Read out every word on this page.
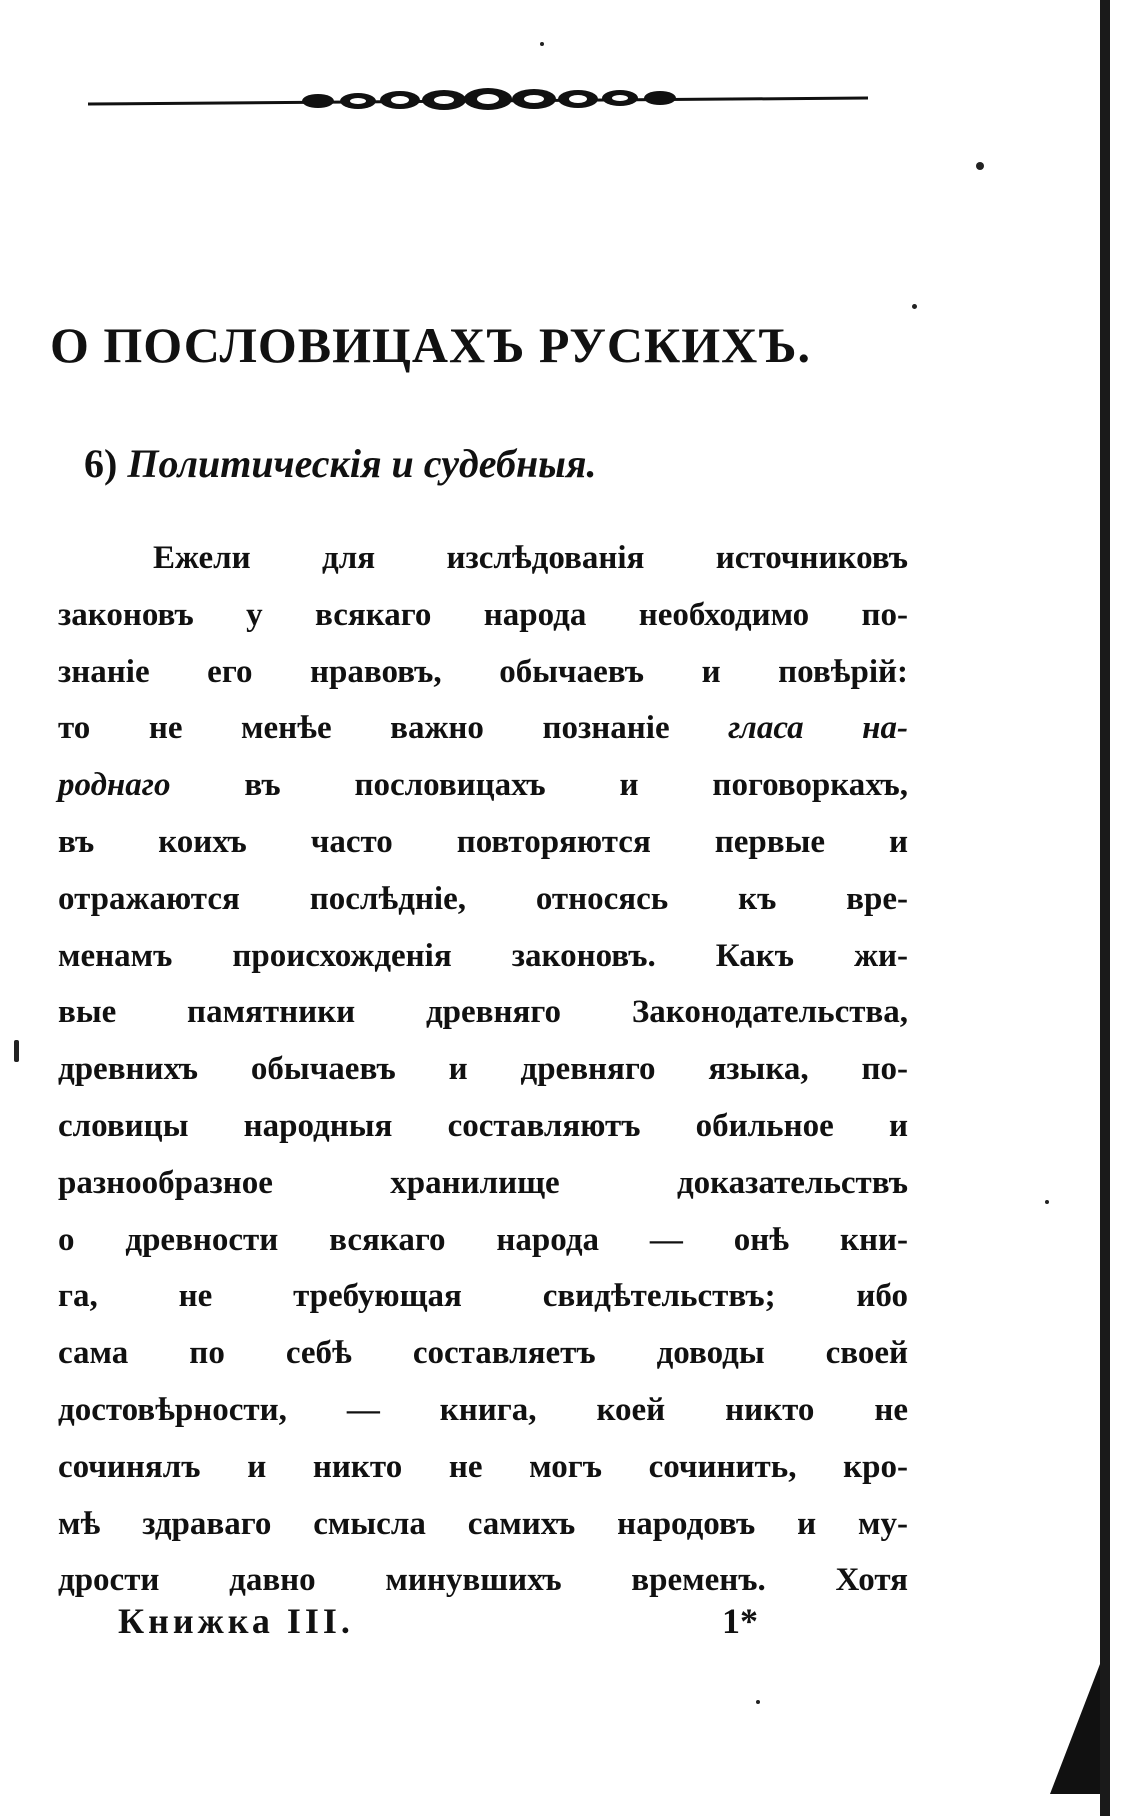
О ПОСЛОВИЦАХЪ РУСКИХЪ.
6) Политическія и судебныя.
Ежели для изслѣдованія источниковъ
законовъ у всякаго народа необходимо по-
знаніе его нравовъ, обычаевъ и повѣрій:
то не менѣе важно познаніе гласа на-
роднаго въ пословицахъ и поговоркахъ,
въ коихъ часто повторяются первые и
отражаются послѣдніе, относясь къ вре-
менамъ происхожденія законовъ. Какъ жи-
вые памятники древняго Законодательства,
древнихъ обычаевъ и древняго языка, по-
словицы народныя составляютъ обильное и
разнообразное хранилище доказательствъ
о древности всякаго народа — онѣ кни-
га, не требующая свидѣтельствъ; ибо
сама по себѣ составляетъ доводы своей
достовѣрности, — книга, коей никто не
сочинялъ и никто не могъ сочинить, кро-
мѣ здраваго смысла самихъ народовъ и му-
дрости давно минувшихъ временъ. Хотя
Книжка III.	1*
